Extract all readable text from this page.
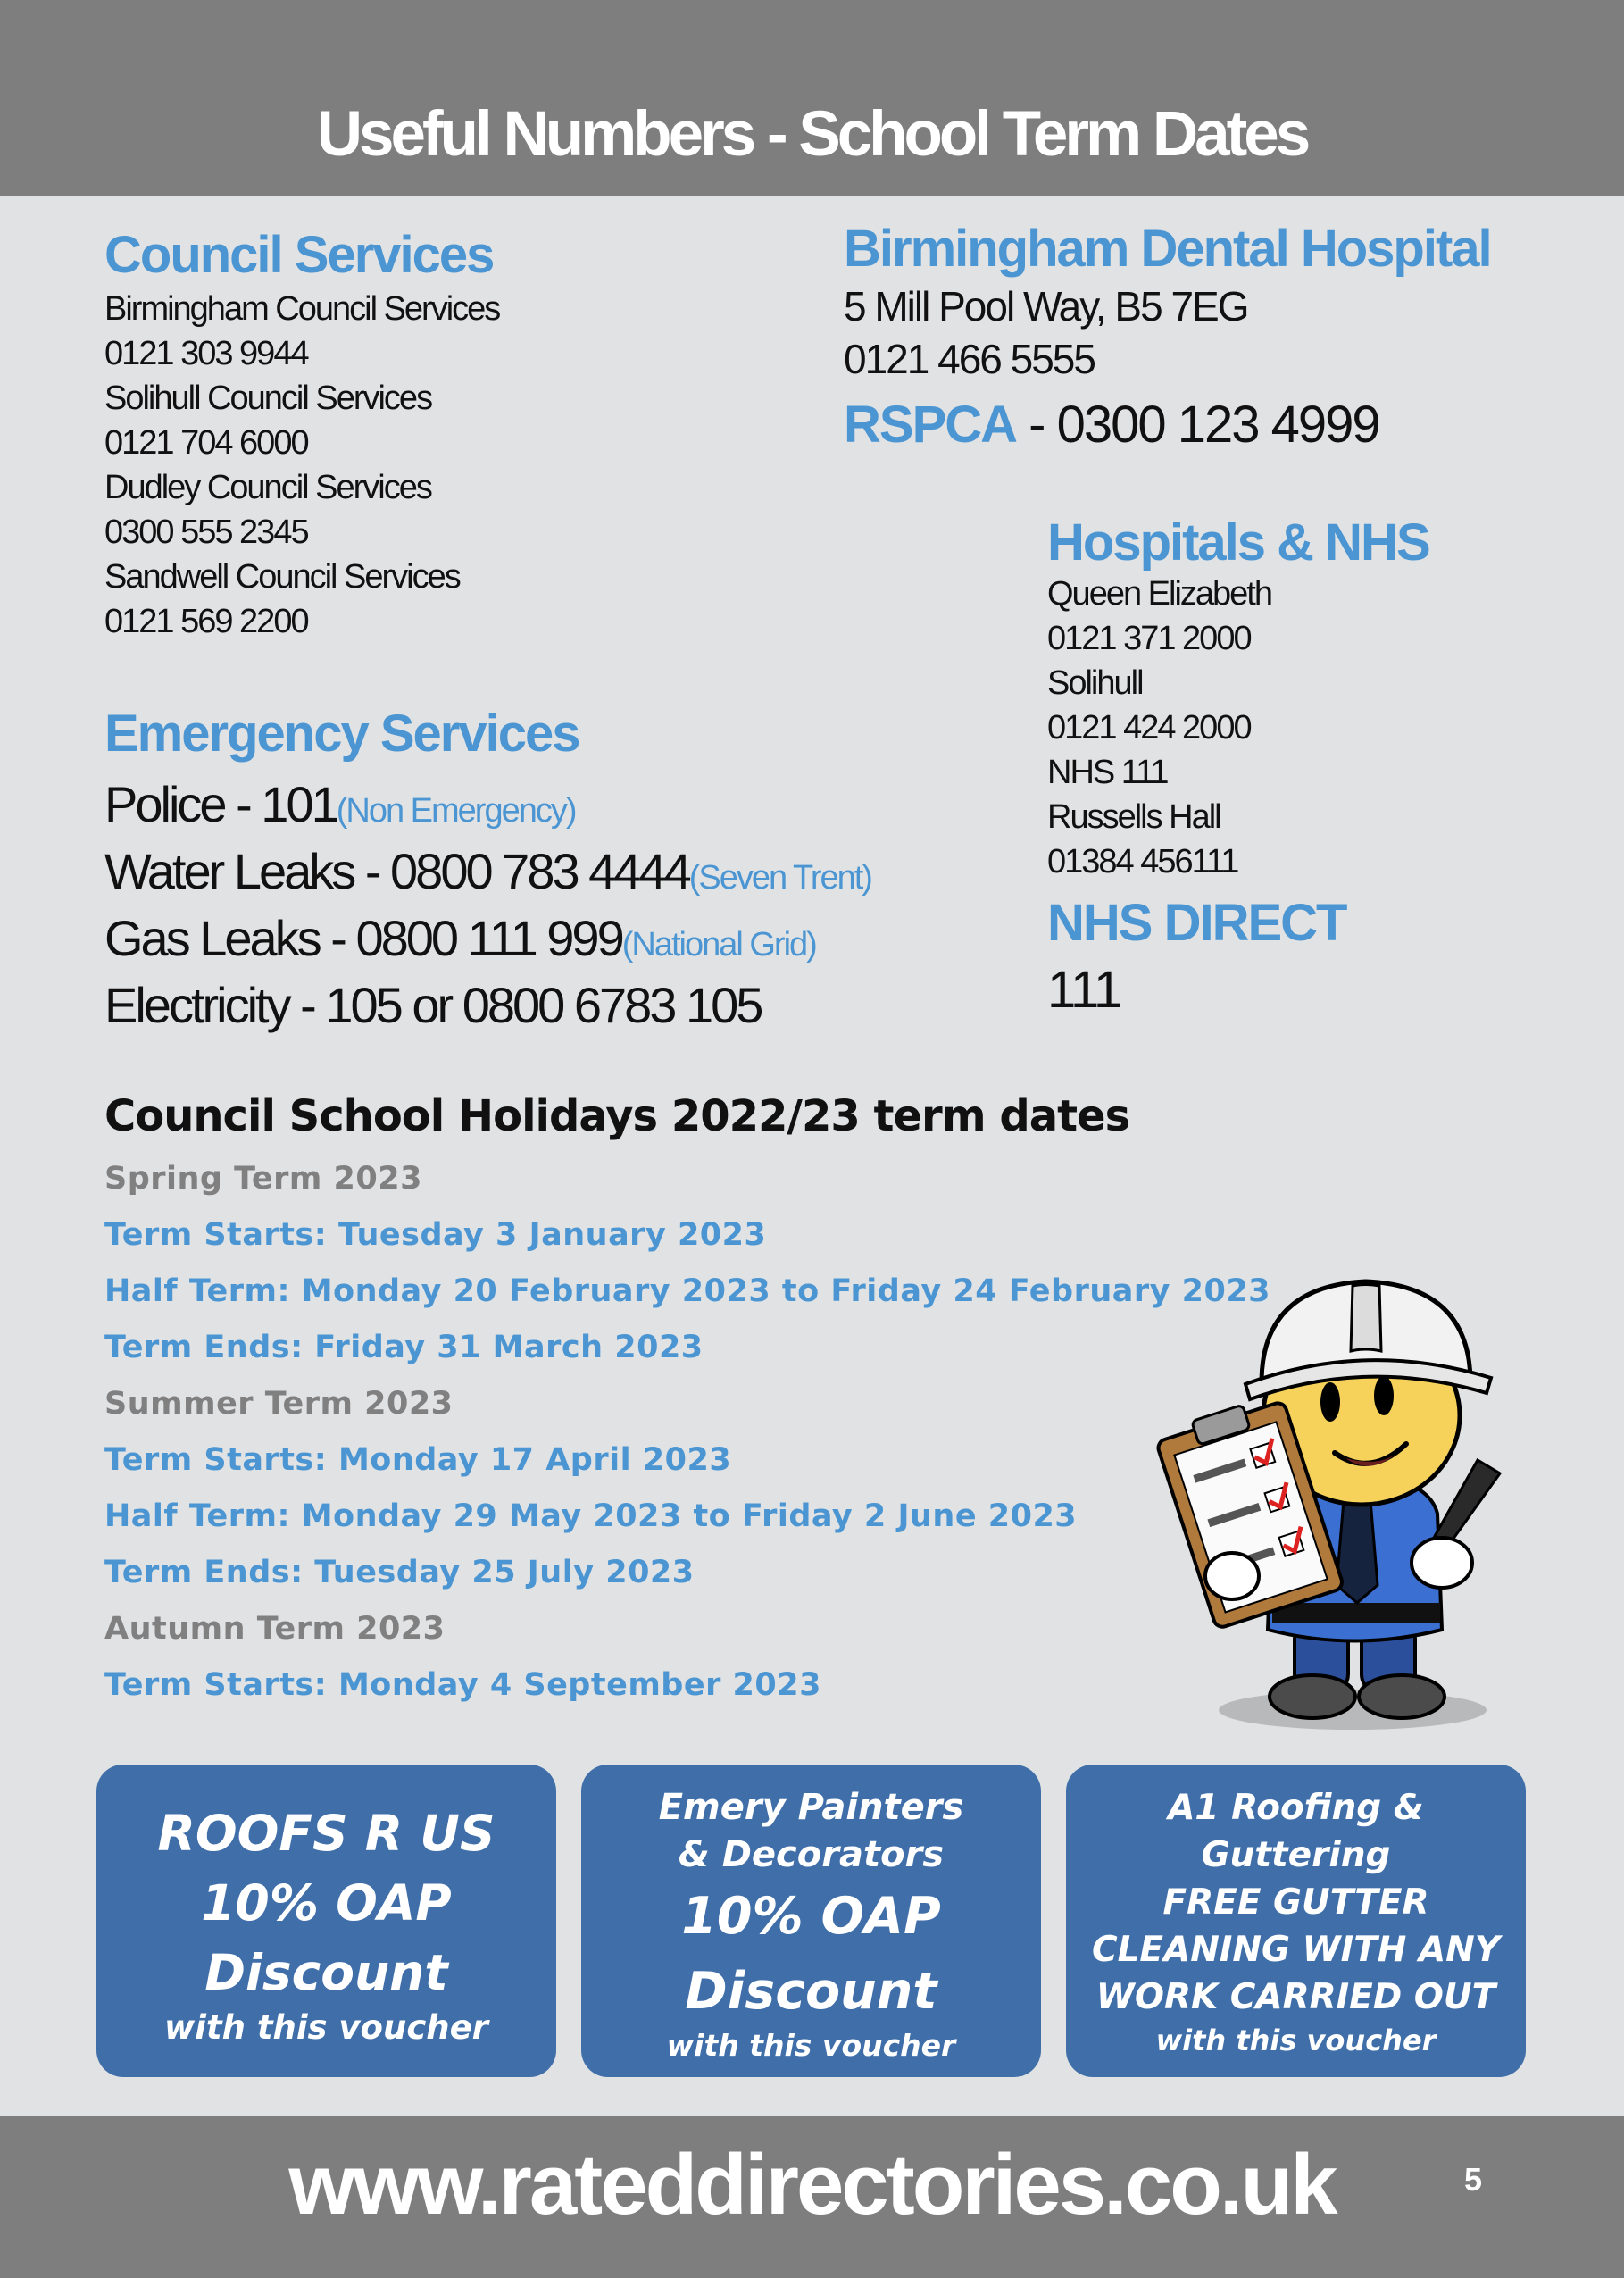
Useful Numbers - School Term Dates
Council Services
Birmingham Council Services
0121 303 9944
Solihull Council Services
0121 704 6000
Dudley Council Services
0300 555 2345
Sandwell Council Services
0121 569 2200
Birmingham Dental Hospital
5 Mill Pool Way, B5 7EG
0121 466 5555
RSPCA - 0300 123 4999
Hospitals & NHS
Queen Elizabeth
0121 371 2000
Solihull
0121 424 2000
NHS 111
Russells Hall
01384 456111
NHS DIRECT
111
Emergency Services
Police - 101(Non Emergency)
Water Leaks - 0800 783 4444(Seven Trent)
Gas Leaks - 0800 111 999(National Grid)
Electricity - 105 or 0800 6783 105
Council School Holidays 2022/23 term dates
Spring Term 2023
Term Starts: Tuesday 3 January 2023
Half Term: Monday 20 February 2023 to Friday 24 February 2023
Term Ends: Friday 31 March 2023
Summer Term 2023
Term Starts: Monday 17 April 2023
Half Term: Monday 29 May 2023 to Friday 2 June 2023
Term Ends: Tuesday 25 July 2023
Autumn Term 2023
Term Starts: Monday 4 September 2023
ROOFS R US
10% OAP
Discount
with this voucher
Emery Painters
& Decorators
10% OAP
Discount
with this voucher
A1 Roofing &
Guttering
FREE GUTTER
CLEANING WITH ANY
WORK CARRIED OUT
with this voucher
www.rateddirectories.co.uk	5
